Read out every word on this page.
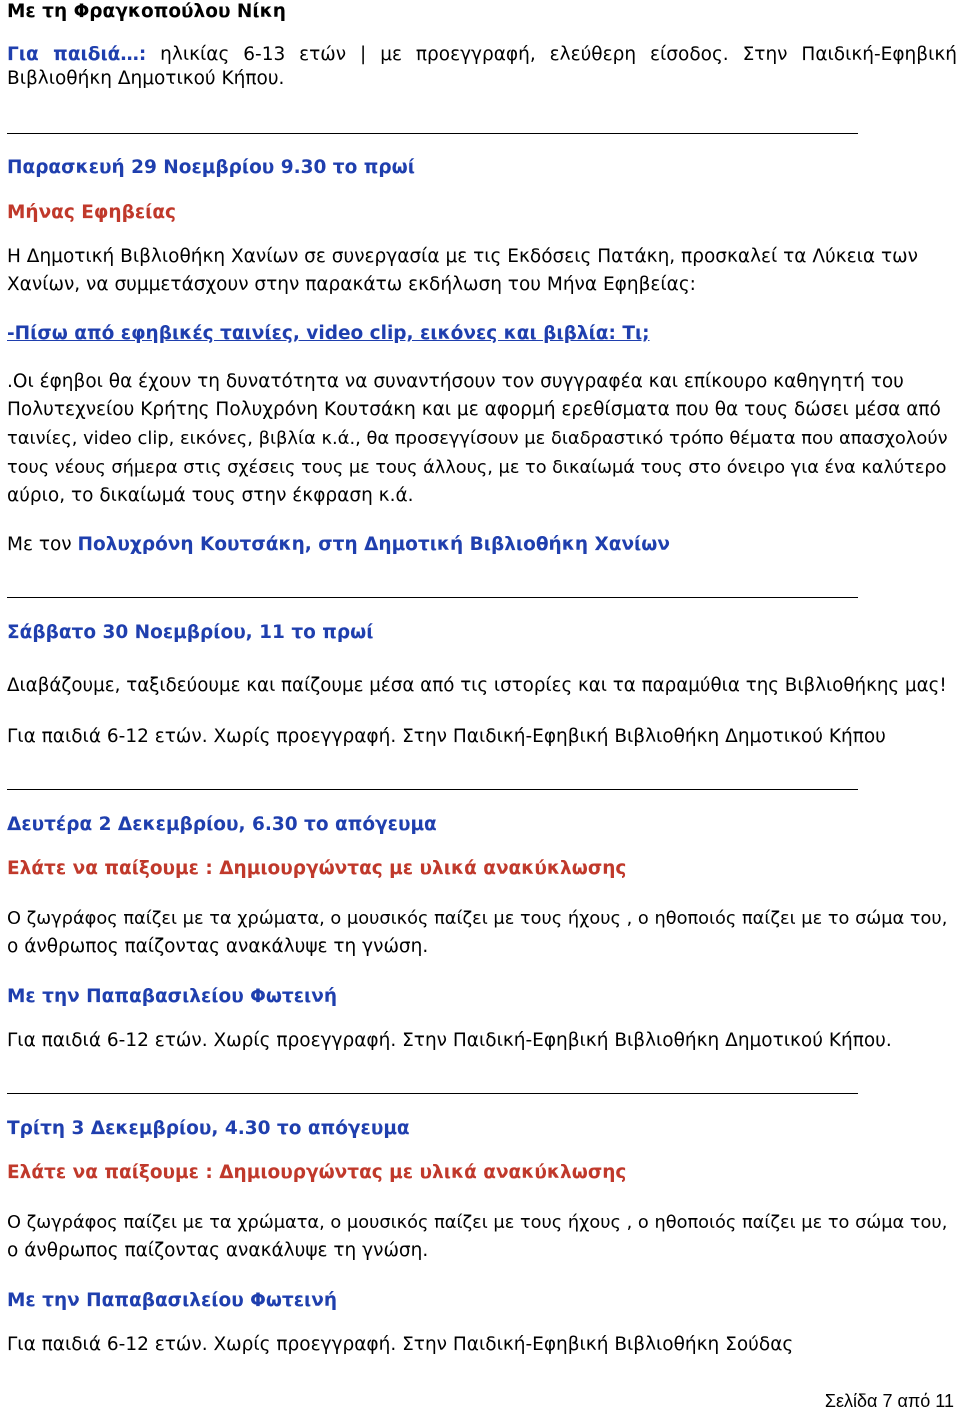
Με τη Φραγκοπούλου Νίκη
Για παιδιά…: ηλικίας 6-13 ετών | με προεγγραφή, ελεύθερη είσοδος. Στην Παιδική-Εφηβική
Βιβλιοθήκη Δημοτικού Κήπου.
Παρασκευή 29 Νοεμβρίου 9.30 το πρωί
Μήνας Εφηβείας
Η Δημοτική Βιβλιοθήκη Χανίων σε συνεργασία με τις Εκδόσεις Πατάκη, προσκαλεί τα Λύκεια των
Χανίων, να συμμετάσχουν στην παρακάτω εκδήλωση του Μήνα Εφηβείας:
-Πίσω από εφηβικές ταινίες, video clip, εικόνες και βιβλία: Τι;
.Οι έφηβοι θα έχουν τη δυνατότητα να συναντήσουν τον συγγραφέα και επίκουρο καθηγητή του
Πολυτεχνείου Κρήτης Πολυχρόνη Κουτσάκη και με αφορμή ερεθίσματα που θα τους δώσει μέσα από
ταινίες, video clip, εικόνες, βιβλία κ.ά., θα προσεγγίσουν με διαδραστικό τρόπο θέματα που απασχολούν
τους νέους σήμερα στις σχέσεις τους με τους άλλους, με το δικαίωμά τους στο όνειρο για ένα καλύτερο
αύριο, το δικαίωμά τους στην έκφραση κ.ά.
Με τον Πολυχρόνη Κουτσάκη, στη Δημοτική Βιβλιοθήκη Χανίων
Σάββατο 30 Νοεμβρίου, 11 το πρωί
Διαβάζουμε, ταξιδεύουμε και παίζουμε μέσα από τις ιστορίες και τα παραμύθια της Βιβλιοθήκης μας!
Για παιδιά 6-12 ετών. Χωρίς προεγγραφή. Στην Παιδική-Εφηβική Βιβλιοθήκη Δημοτικού Κήπου
Δευτέρα 2 Δεκεμβρίου, 6.30 το απόγευμα
Ελάτε να παίξουμε : Δημιουργώντας με υλικά ανακύκλωσης
Ο ζωγράφος παίζει με τα χρώματα, ο μουσικός παίζει με τους ήχους , ο ηθοποιός παίζει με το σώμα του,
ο άνθρωπος παίζοντας ανακάλυψε τη γνώση.
Με την Παπαβασιλείου Φωτεινή
Για παιδιά 6-12 ετών. Χωρίς προεγγραφή. Στην Παιδική-Εφηβική Βιβλιοθήκη Δημοτικού Κήπου.
Τρίτη 3 Δεκεμβρίου, 4.30 το απόγευμα
Ελάτε να παίξουμε : Δημιουργώντας με υλικά ανακύκλωσης
Ο ζωγράφος παίζει με τα χρώματα, ο μουσικός παίζει με τους ήχους , ο ηθοποιός παίζει με το σώμα του,
ο άνθρωπος παίζοντας ανακάλυψε τη γνώση.
Με την Παπαβασιλείου Φωτεινή
Για παιδιά 6-12 ετών. Χωρίς προεγγραφή. Στην Παιδική-Εφηβική Βιβλιοθήκη Σούδας
Σελίδα 7 από 11
